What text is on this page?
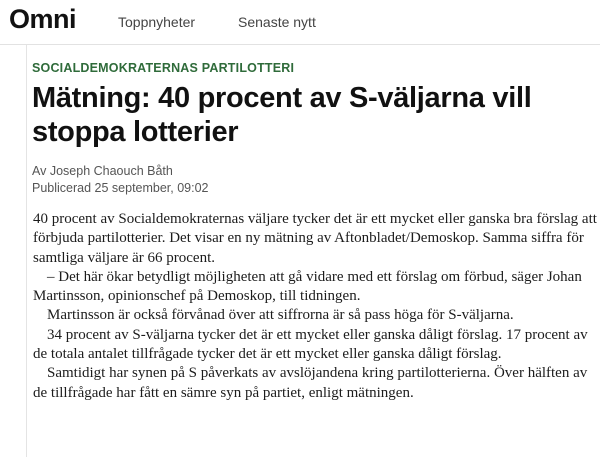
Omni	Toppnyheter	Senaste nytt
SOCIALDEMOKRATERNAS PARTILOTTERI
Mätning: 40 procent av S-väljarna vill stoppa lotterier
Av Joseph Chaouch Båth
Publicerad 25 september, 09:02

40 procent av Socialdemokraternas väljare tycker det är ett mycket eller ganska bra förslag att förbjuda partilotterier. Det visar en ny mätning av Aftonbladet/Demoskop. Samma siffra för samtliga väljare är 66 procent.

– Det här ökar betydligt möjligheten att gå vidare med ett förslag om förbud, säger Johan Martinsson, opinionschef på Demoskop, till tidningen.

Martinsson är också förvånad över att siffrorna är så pass höga för S-väljarna.

34 procent av S-väljarna tycker det är ett mycket eller ganska dåligt förslag. 17 procent av de totala antalet tillfrågade tycker det är ett mycket eller ganska dåligt förslag.

Samtidigt har synen på S påverkats av avslöjandena kring partilotterierna. Över hälften av de tillfrågade har fått en sämre syn på partiet, enligt mätningen.
